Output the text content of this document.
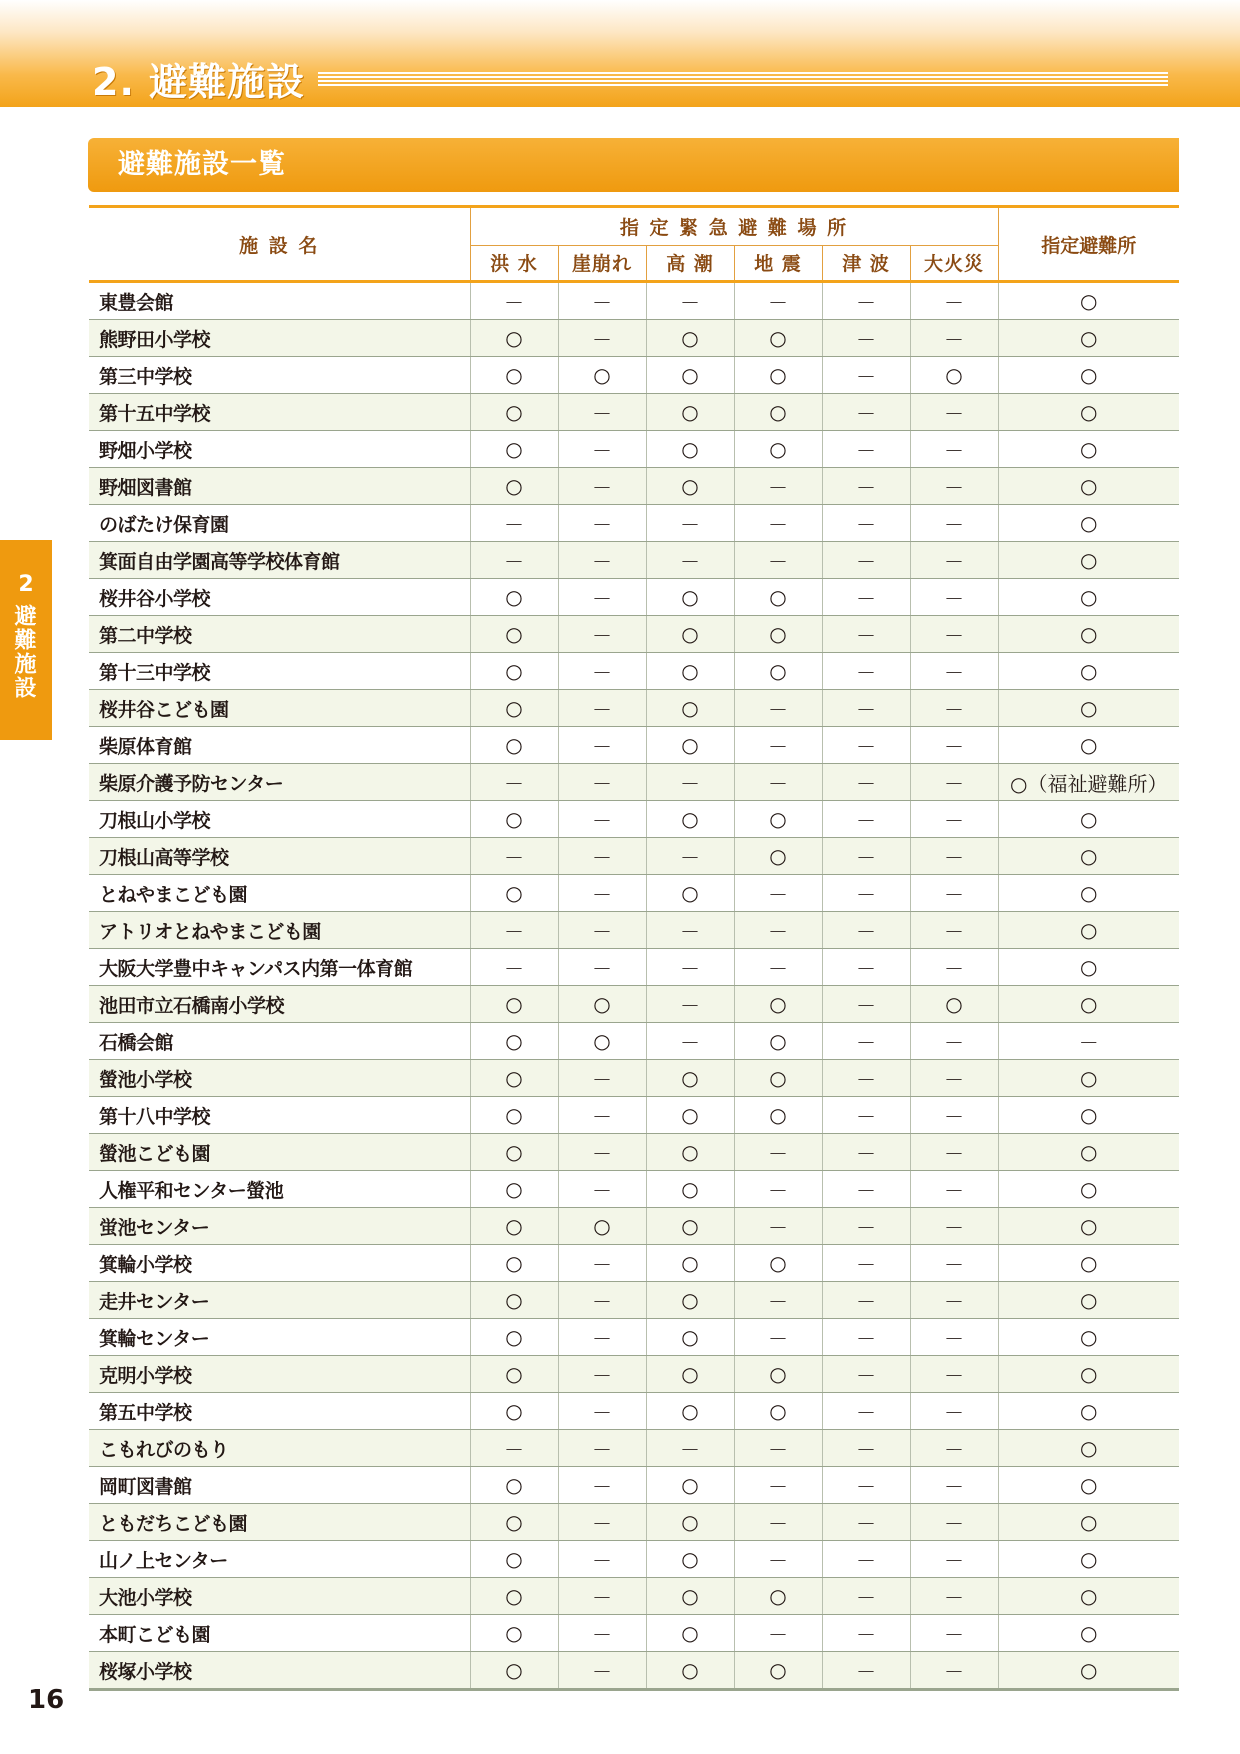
2. 避難施設
避難施設一覧
2
避難施設
施 設 名	指 定 緊 急 避 難 場 所						指定避難所
	洪 水	崖崩れ	高 潮	地 震	津 波	大火災	
東豊会館	－	－	－	－	－	－	○
熊野田小学校	○	－	○	○	－	－	○
第三中学校	○	○	○	○	－	○	○
第十五中学校	○	－	○	○	－	－	○
野畑小学校	○	－	○	○	－	－	○
野畑図書館	○	－	○	－	－	－	○
のばたけ保育園	－	－	－	－	－	－	○
箕面自由学園高等学校体育館	－	－	－	－	－	－	○
桜井谷小学校	○	－	○	○	－	－	○
第二中学校	○	－	○	○	－	－	○
第十三中学校	○	－	○	○	－	－	○
桜井谷こども園	○	－	○	－	－	－	○
柴原体育館	○	－	○	－	－	－	○
柴原介護予防センター	－	－	－	－	－	－	○（福祉避難所）
刀根山小学校	○	－	○	○	－	－	○
刀根山高等学校	－	－	－	○	－	－	○
とねやまこども園	○	－	○	－	－	－	○
アトリオとねやまこども園	－	－	－	－	－	－	○
大阪大学豊中キャンパス内第一体育館	－	－	－	－	－	－	○
池田市立石橋南小学校	○	○	－	○	－	○	○
石橋会館	○	○	－	○	－	－	－
螢池小学校	○	－	○	○	－	－	○
第十八中学校	○	－	○	○	－	－	○
螢池こども園	○	－	○	－	－	－	○
人権平和センター螢池	○	－	○	－	－	－	○
蛍池センター	○	○	○	－	－	－	○
箕輪小学校	○	－	○	○	－	－	○
走井センター	○	－	○	－	－	－	○
箕輪センター	○	－	○	－	－	－	○
克明小学校	○	－	○	○	－	－	○
第五中学校	○	－	○	○	－	－	○
こもれびのもり	－	－	－	－	－	－	○
岡町図書館	○	－	○	－	－	－	○
ともだちこども園	○	－	○	－	－	－	○
山ノ上センター	○	－	○	－	－	－	○
大池小学校	○	－	○	○	－	－	○
本町こども園	○	－	○	－	－	－	○
桜塚小学校	○	－	○	○	－	－	○
16
